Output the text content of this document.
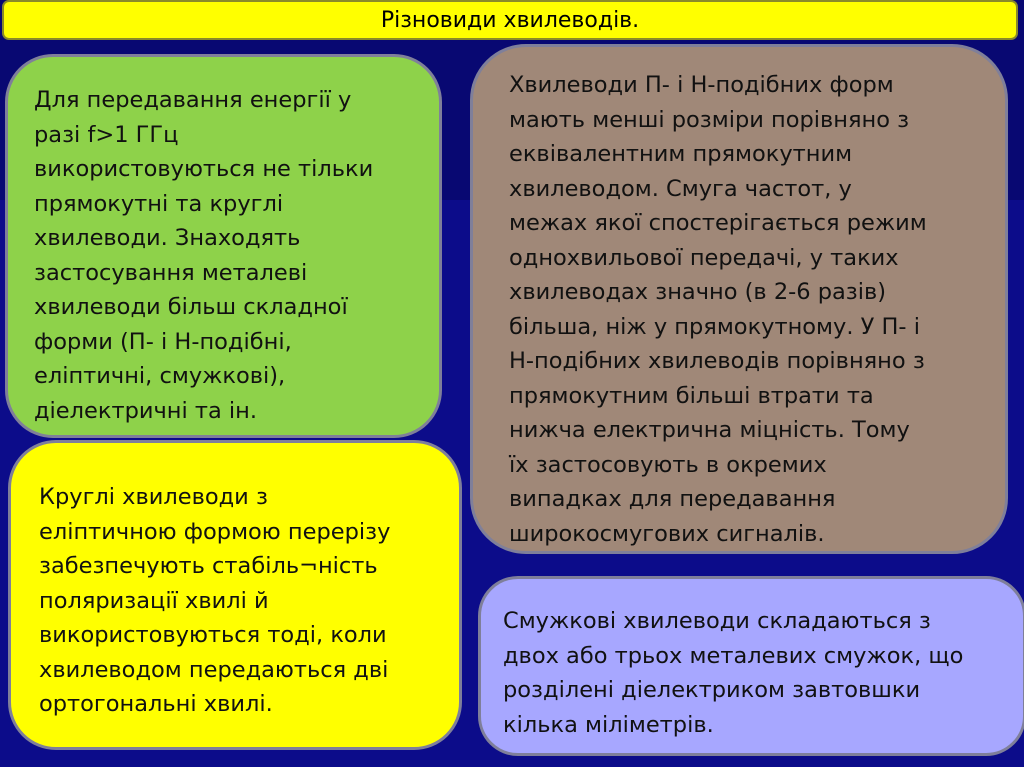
Різновиди хвилеводів.

Для передавання енергії у
разі f>1 ГГц
використовуються не тільки
прямокутні та круглі
хвилеводи. Знаходять
застосування металеві
хвилеводи більш складної
форми (П- і Н-подібні,
еліптичні, смужкові),
діелектричні та ін.

Хвилеводи П- і Н-подібних форм
мають менші розміри порівняно з
еквівалентним прямокутним
хвилеводом. Смуга частот, у
межах якої спостерігається режим
однохвильової передачі, у таких
хвилеводах значно (в 2-6 разів)
більша, ніж у прямокутному. У П- і
Н-подібних хвилеводів порівняно з
прямокутним більші втрати та
нижча електрична міцність. Тому
їх застосовують в окремих
випадках для передавання
широкосмугових сигналів.

Круглі хвилеводи з
еліптичною формою перерізу
забезпечують стабіль¬ність
поляризації хвилі й
використовуються тоді, коли
хвилеводом передаються дві
ортогональні хвилі.

Смужкові хвилеводи складаються з
двох або трьох металевих смужок, що
розділені діелектриком завтовшки
кілька міліметрів.
